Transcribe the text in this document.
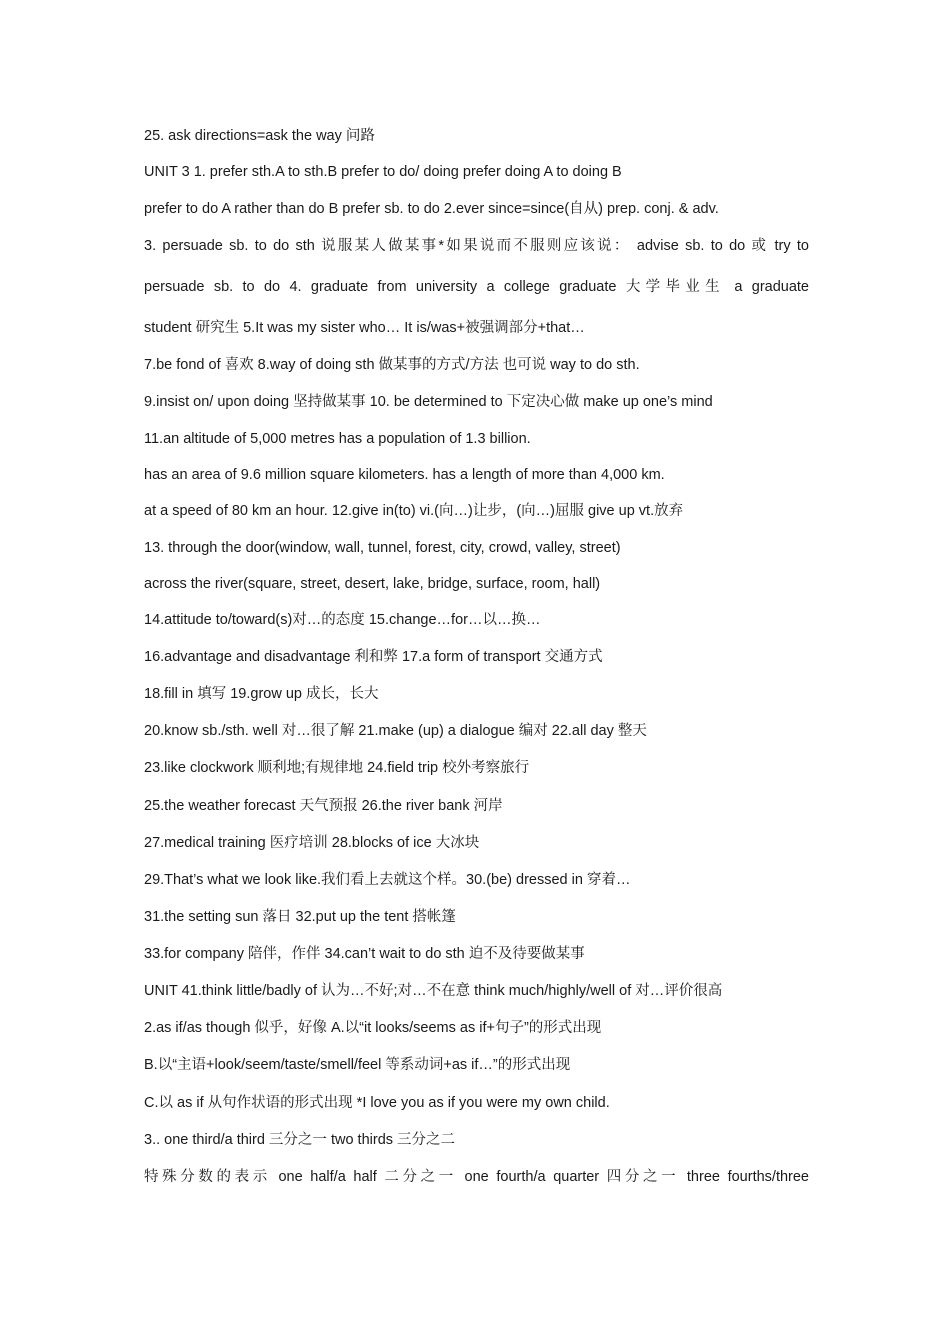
25. ask directions=ask the way 问路
UNIT 3 1. prefer sth.A to sth.B prefer to do/ doing prefer doing A to doing B
prefer to do A rather than do B prefer sb. to do 2.ever since=since(自从) prep. conj. & adv.
3. persuade sb. to do sth 说服某人做某事*如果说而不服则应该说： advise sb. to do 或 try to
persuade sb. to do 4. graduate from university a college graduate 大学毕业生 a graduate
student 研究生 5.It was my sister who… It is/was+被强调部分+that…
7.be fond of 喜欢 8.way of doing sth 做某事的方式/方法 也可说 way to do sth.
9.insist on/ upon doing 坚持做某事 10. be determined to 下定决心做 make up one’s mind
11.an altitude of 5,000 metres has a population of 1.3 billion.
has an area of 9.6 million square kilometers. has a length of more than 4,000 km.
at a speed of 80 km an hour. 12.give in(to) vi.(向…)让步，(向…)屈服 give up vt.放弃
13. through the door(window, wall, tunnel, forest, city, crowd, valley, street)
across the river(square, street, desert, lake, bridge, surface, room, hall)
14.attitude to/toward(s)对…的态度 15.change…for…以…换…
16.advantage and disadvantage 利和弊 17.a form of transport 交通方式
18.fill in 填写 19.grow up 成长，长大
20.know sb./sth. well 对…很了解 21.make (up) a dialogue 编对 22.all day 整天
23.like clockwork 顺利地;有规律地 24.field trip 校外考察旅行
25.the weather forecast 天气预报 26.the river bank 河岸
27.medical training 医疗培训 28.blocks of ice 大冰块
29.That’s what we look like.我们看上去就这个样。30.(be) dressed in 穿着…
31.the setting sun 落日 32.put up the tent 搭帐篷
33.for company 陪伴，作伴 34.can’t wait to do sth 迫不及待要做某事
UNIT 41.think little/badly of 认为…不好;对…不在意 think much/highly/well of 对…评价很高
2.as if/as though 似乎，好像 A.以“it looks/seems as if+句子”的形式出现
B.以“主语+look/seem/taste/smell/feel 等系动词+as if…”的形式出现
C.以 as if 从句作状语的形式出现 *I love you as if you were my own child.
3.. one third/a third 三分之一 two thirds 三分之二
特殊分数的表示 one half/a half 二分之一 one fourth/a quarter 四分之一 three fourths/three
